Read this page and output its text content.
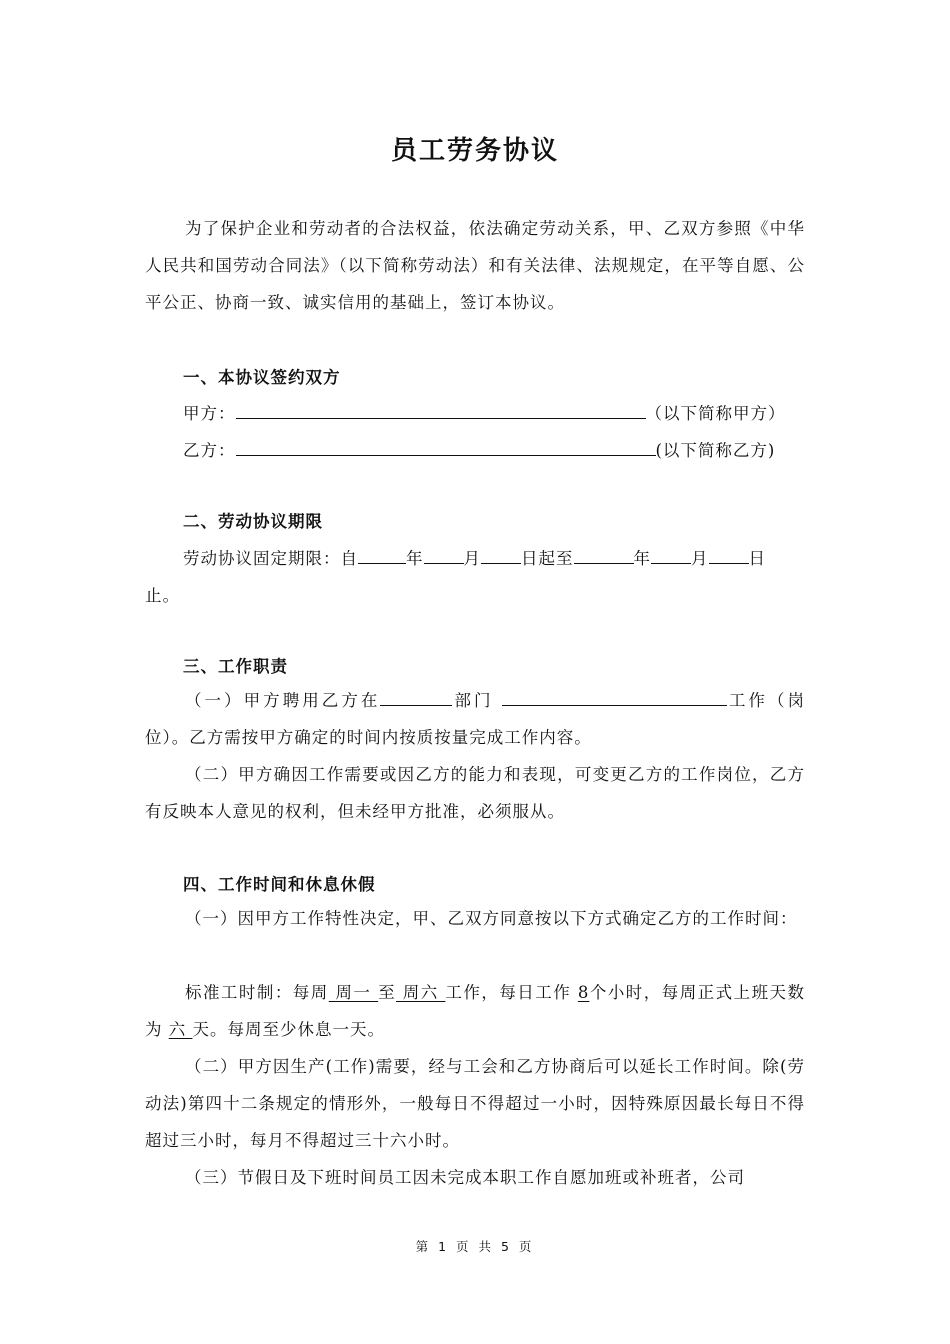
员工劳务协议
为了保护企业和劳动者的合法权益，依法确定劳动关系，甲、乙双方参照《中华人民共和国劳动合同法》（以下简称劳动法）和有关法律、法规规定，在平等自愿、公平公正、协商一致、诚实信用的基础上，签订本协议。
一、本协议签约双方
甲方：	（以下简称甲方）
乙方：	(以下简称乙方)
二、劳动协议期限
劳动协议固定期限：自	年 月 日起至	年 月 日
止。
三、工作职责
（一）甲方聘用乙方在	部门	工作（岗位）。乙方需按甲方确定的时间内按质按量完成工作内容。
（二）甲方确因工作需要或因乙方的能力和表现，可变更乙方的工作岗位，乙方有反映本人意见的权利，但未经甲方批准，必须服从。
四、工作时间和休息休假
（一）因甲方工作特性决定，甲、乙双方同意按以下方式确定乙方的工作时间：
标准工时制：每周 周一 至 周六 工作，每日工作 8个小时，每周正式上班天数为 六 天。每周至少休息一天。
（二）甲方因生产(工作)需要，经与工会和乙方协商后可以延长工作时间。除(劳动法)第四十二条规定的情形外，一般每日不得超过一小时，因特殊原因最长每日不得超过三小时，每月不得超过三十六小时。
（三）节假日及下班时间员工因未完成本职工作自愿加班或补班者，公司
第 1 页 共 5 页
